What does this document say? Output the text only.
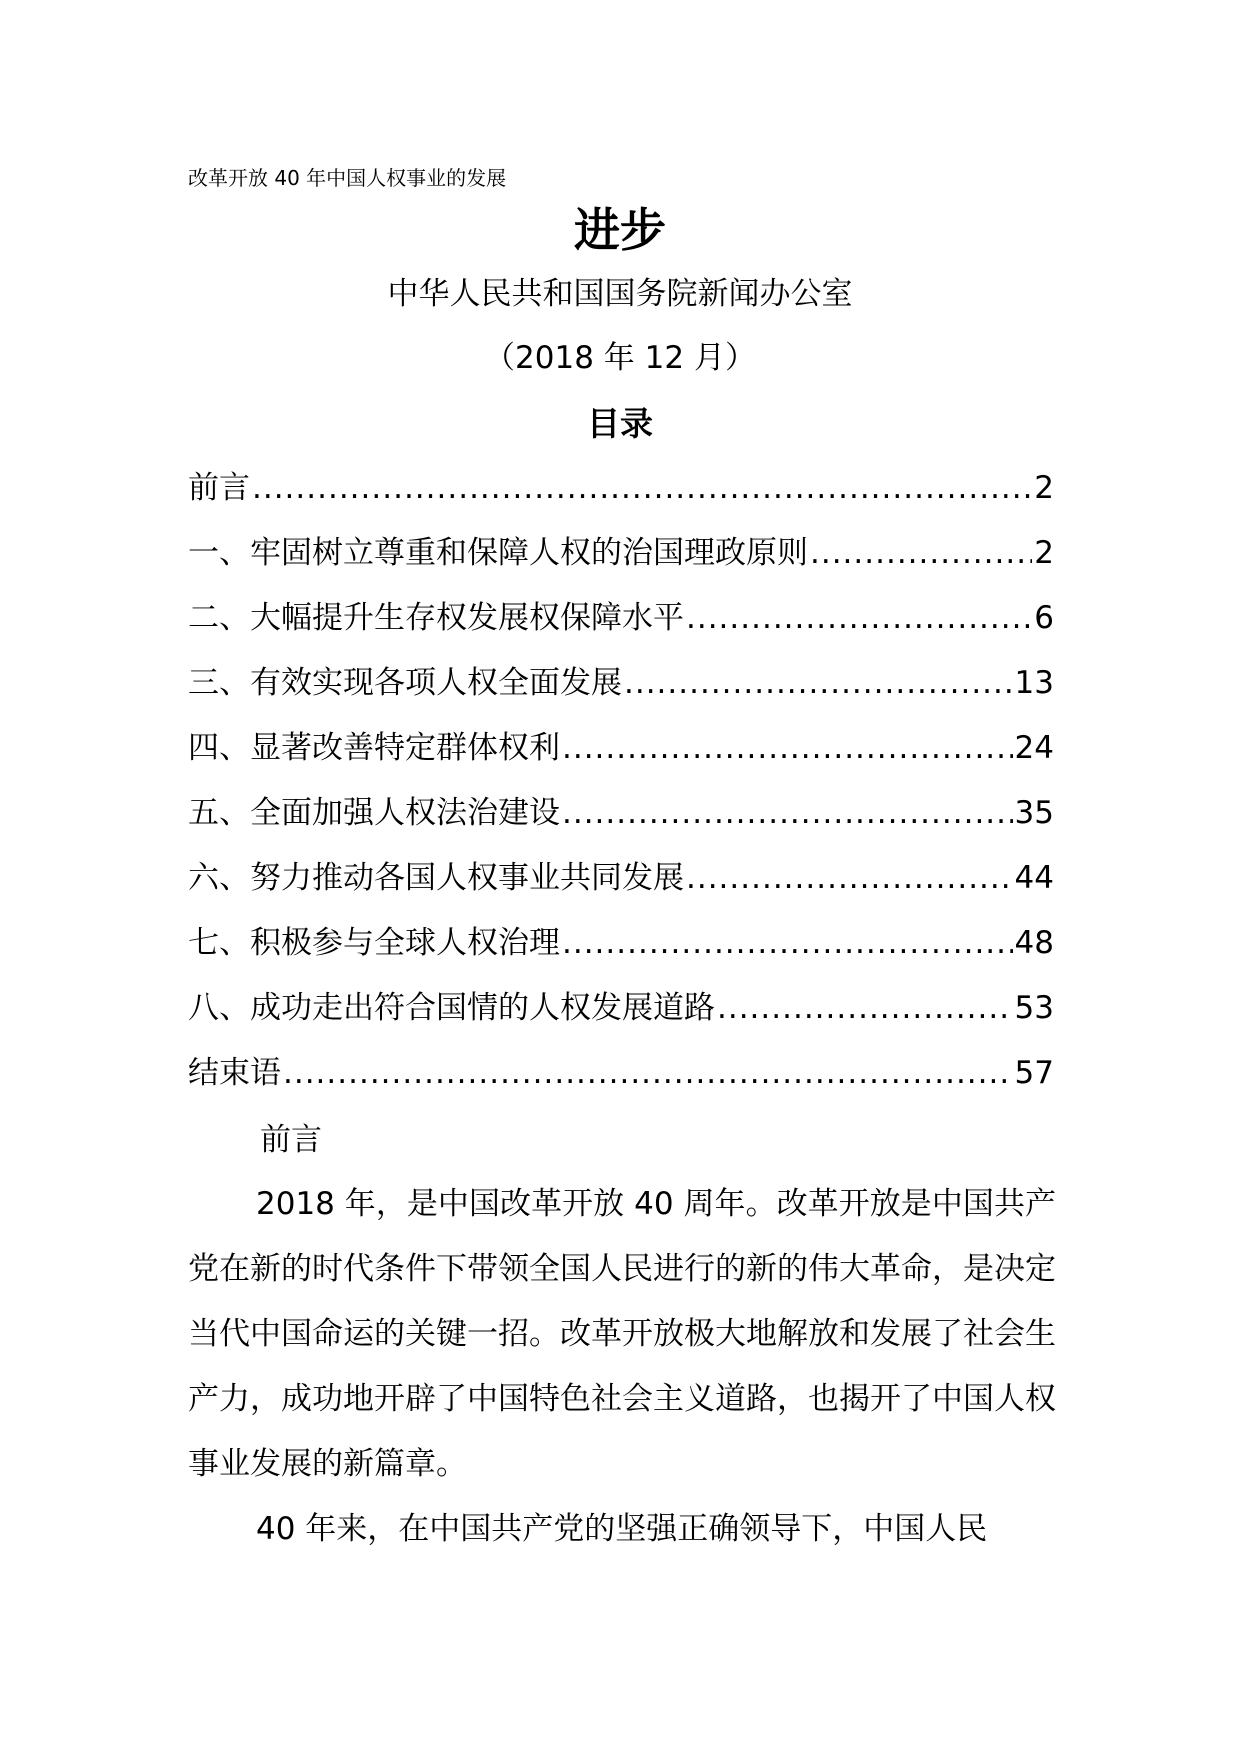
改革开放 40 年中国人权事业的发展
进步
中华人民共和国国务院新闻办公室
（2018 年 12 月）
目录
前言 .....	2
一、牢固树立尊重和保障人权的治国理政原则 .....	2
二、大幅提升生存权发展权保障水平 .....	6
三、有效实现各项人权全面发展 .....	13
四、显著改善特定群体权利 .....	24
五、全面加强人权法治建设 .....	35
六、努力推动各国人权事业共同发展 .....	44
七、积极参与全球人权治理 .....	48
八、成功走出符合国情的人权发展道路 .....	53
结束语 .....	57
前言

2018 年，是中国改革开放 40 周年。改革开放是中国共产党在新的时代条件下带领全国人民进行的新的伟大革命，是决定当代中国命运的关键一招。改革开放极大地解放和发展了社会生产力，成功地开辟了中国特色社会主义道路，也揭开了中国人权事业发展的新篇章。

40 年来，在中国共产党的坚强正确领导下，中国人民
